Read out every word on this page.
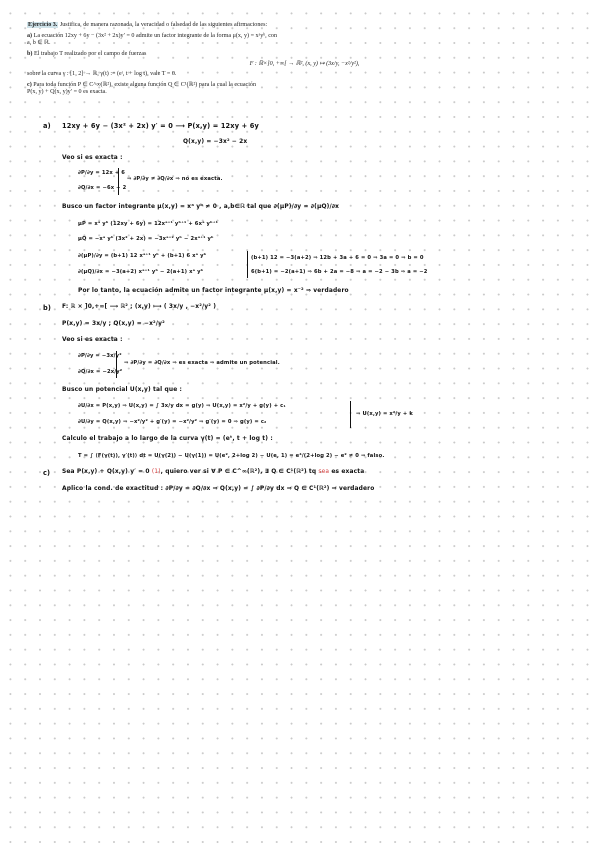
Ejercicio 3. Justifica, de manera razonada, la veracidad o falsedad de las siguientes afirmaciones:

a) La ecuación 12xy + 6y − (3x² + 2x)y′ = 0 admite un factor integrante de la forma μ(x, y) = xᵃyᵇ, con
a, b ∈ ℝ.

b) El trabajo T realizado por el campo de fuerzas

F : ℝ×]0, +∞[ → ℝ², (x, y) ↦ (3x/y, −x²/y²),

sobre la curva γ : [1, 2] → ℝ, γ(t) := (eᵗ, t + log t), vale T = 0.

c) Para toda función P ∈ C^∞(ℝ²), existe alguna función Q ∈ C¹(ℝ²) para la cual la ecuación
P(x, y) + Q(x, y)y′ = 0 es exacta.

a) 12xy + 6y − (3x² + 2x) y′ = 0 ⟶ P(x,y) = 12xy + 6y
Q(x,y) = −3x² − 2x
Veo si es exacta :
∂P/∂y = 12x + 6
∂Q/∂x = −6x − 2
⇒ ∂P/∂y ≠ ∂Q/∂x ⇒ no es exacta.
Busco un factor integrante μ(x,y) = xᵃ yᵇ ≠ 0 , a,b∈ℝ tal que ∂(μP)/∂y = ∂(μQ)/∂x
μP = xᵃ yᵇ (12xy + 6y) = 12xᵃ⁺¹ yᵇ⁺¹ + 6xᵃ yᵇ⁺¹
μQ = −xᵃ yᵇ (3x² + 2x) = −3xᵃ⁺² yᵇ − 2xᵃ⁺¹ yᵇ
∂(μP)/∂y = (b+1) 12 xᵃ⁺¹ yᵇ + (b+1) 6 xᵃ yᵇ
∂(μQ)/∂x = −3(a+2) xᵃ⁺¹ yᵇ − 2(a+1) xᵃ yᵇ
(b+1) 12 = −3(a+2) ⇒ 12b + 3a + 6 = 0 ⇒ 3a = 0 ⇒ b = 0
6(b+1) = −2(a+1) ⇒ 6b + 2a = −8 ⇒ a = −2 − 3b ⇒ a = −2
Por lo tanto, la ecuación admite un factor integrante μ(x,y) = x⁻² ⇒ verdadero
b) F: ℝ × ]0,+∞[ ⟶ ℝ² ; (x,y) ⟼ ( 3x/y , −x²/y² )
P(x,y) = 3x/y ; Q(x,y) = −x²/y²
Veo si es exacta :
∂P/∂y = −3x/y²
∂Q/∂x = −2x/y²
⇒ ∂P/∂y = ∂Q/∂x ⇒ es exacta ⇒ admite un potencial.
Busco un potencial U(x,y) tal que :
∂U/∂x = P(x,y) ⇒ U(x,y) = ∫ 3x/y dx = g(y) ⇒ U(x,y) = x²/y + g(y) + c₁
∂U/∂y = Q(x,y) ⇒ −x²/y² + g′(y) = −x²/y² ⇒ g′(y) = 0 ⇒ g(y) = c₂
⇒ U(x,y) = x²/y + k
Calculo el trabajo a lo largo de la curva γ(t) = (eᵗ, t + log t) :
T = ∫ ⟨F(γ(t)), γ′(t)⟩ dt = U(γ(2)) − U(γ(1)) = U(e², 2+log 2) − U(e, 1) = e⁴/(2+log 2) − e² ≠ 0 ⇒ falso.
c) Sea P(x,y) + Q(x,y) y′ = 0 (1), quiero ver si ∀ P ∈ C^∞(ℝ²), ∃ Q ∈ C¹(ℝ²) tq sea es exacta
Aplico la cond. de exactitud : ∂P/∂y = ∂Q/∂x ⇒ Q(x,y) = ∫ ∂P/∂y dx ⇒ Q ∈ C¹(ℝ²) ⇒ verdadero
